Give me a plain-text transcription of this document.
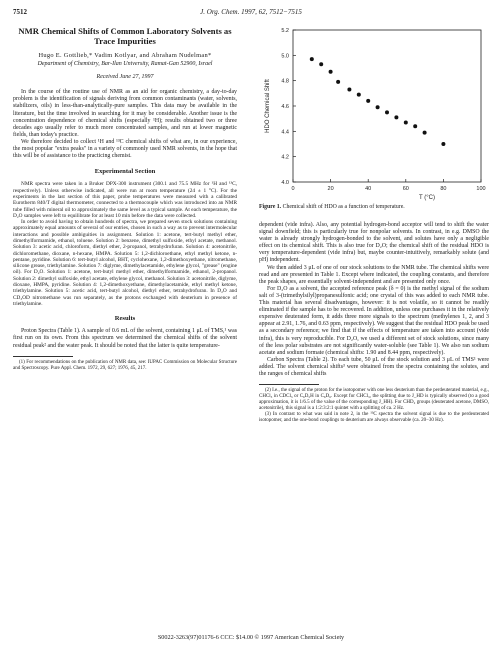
7512	J. Org. Chem. 1997, 62, 7512−7515
NMR Chemical Shifts of Common Laboratory Solvents as Trace Impurities
Hugo E. Gottlieb,* Vadim Kotlyar, and Abraham Nudelman*
Department of Chemistry, Bar-Ilan University, Ramat-Gan 52900, Israel
Received June 27, 1997

In the course of the routine use of NMR as an aid for organic chemistry, a day-to-day problem is the identification of signals deriving from common contaminants (water, solvents, stabilizers, oils) in less-than-analytically-pure samples. This data may be available in the literature, but the time involved in searching for it may be considerable. Another issue is the concentration dependence of chemical shifts (especially ¹H); results obtained two or three decades ago usually refer to much more concentrated samples, and run at lower magnetic fields, than today's practice.

We therefore decided to collect ¹H and ¹³C chemical shifts of what are, in our experience, the most popular "extra peaks" in a variety of commonly used NMR solvents, in the hope that this will be of assistance to the practicing chemist.

Experimental Section

NMR spectra were taken in a Bruker DPX-300 instrument (300.1 and 75.5 MHz for ¹H and ¹³C, respectively). Unless otherwise indicated, all were run at room temperature (24 ± 1 °C). For the experiments in the last section of this paper, probe temperatures were measured with a calibrated Eurotherm 840/T digital thermometer, connected to a thermocouple which was introduced into an NMR tube filled with mineral oil to approximately the same level as a typical sample. At each temperature, the D₂O samples were left to equilibrate for at least 10 min before the data were collected.

In order to avoid having to obtain hundreds of spectra, we prepared seven stock solutions containing approximately equal amounts of several of our entries, chosen in such a way as to prevent intermolecular interactions and possible ambiguities in assignment. Solution 1: acetone, tert-butyl methyl ether, dimethylformamide, ethanol, toluene. Solution 2: benzene, dimethyl sulfoxide, ethyl acetate, methanol. Solution 3: acetic acid, chloroform, diethyl ether, 2-propanol, tetrahydrofuran. Solution 4: acetonitrile, dichloromethane, dioxane, n-hexane, HMPA. Solution 5: 1,2-dichloroethane, ethyl methyl ketone, n-pentane, pyridine. Solution 6: tert-butyl alcohol, BHT, cyclohexane, 1,2-dimethoxyethane, nitromethane, silicone grease, triethylamine. Solution 7: diglyme, dimethylacetamide, ethylene glycol, "grease" (engine oil). For D₂O. Solution 1: acetone, tert-butyl methyl ether, dimethylformamide, ethanol, 2-propanol. Solution 2: dimethyl sulfoxide, ethyl acetate, ethylene glycol, methanol. Solution 3: acetonitrile, diglyme, dioxane, HMPA, pyridine. Solution 4: 1,2-dimethoxyethane, dimethylacetamide, ethyl methyl ketone, triethylamine. Solution 5: acetic acid, tert-butyl alcohol, diethyl ether, tetrahydrofuran. In D₂O and CD₃OD nitromethane was run separately, as the protons exchanged with deuterium in presence of triethylamine.

Results

Proton Spectra (Table 1). A sample of 0.6 mL of the solvent, containing 1 μL of TMS,¹ was first run on its own. From this spectrum we determined the chemical shifts of the solvent residual peak² and the water peak. It should be noted that the latter is quite temperature-

(1) For recommendations on the publication of NMR data, see: IUPAC Commission on Molecular Structure and Spectroscopy. Pure Appl. Chem. 1972, 29, 627; 1976, 45, 217.

4.0
4.2
4.4
4.6
4.8
5.0
5.2
0	20	40	60	80	100
T (°C)
HDO Chemical Shift
Figure 1. Chemical shift of HDO as a function of temperature.

dependent (vide infra). Also, any potential hydrogen-bond acceptor will tend to shift the water signal downfield; this is particularly true for nonpolar solvents. In contrast, in e.g. DMSO the water is already strongly hydrogen-bonded to the solvent, and solutes have only a negligible effect on its chemical shift. This is also true for D₂O; the chemical shift of the residual HDO is very temperature-dependent (vide infra) but, maybe counter-intuitively, remarkably solute (and pH) independent.

We then added 3 μL of one of our stock solutions to the NMR tube. The chemical shifts were read and are presented in Table 1. Except where indicated, the coupling constants, and therefore the peak shapes, are essentially solvent-independent and are presented only once.

For D₂O as a solvent, the accepted reference peak (δ = 0) is the methyl signal of the sodium salt of 3-(trimethylsilyl)propanesulfonic acid; one crystal of this was added to each NMR tube. This material has several disadvantages, however: it is not volatile, so it cannot be readily eliminated if the sample has to be recovered. In addition, unless one purchases it in the relatively expensive deuterated form, it adds three more signals to the spectrum (methylenes 1, 2, and 3 appear at 2.91, 1.76, and 0.63 ppm, respectively). We suggest that the residual HDO peak be used as a secondary reference; we find that if the effects of temperature are taken into account (vide infra), this is very reproducible. For D₂O, we used a different set of stock solutions, since many of the less polar substrates are not significantly water-soluble (see Table 1). We also ran sodium acetate and sodium formate (chemical shifts: 1.90 and 8.44 ppm, respectively).

Carbon Spectra (Table 2). To each tube, 50 μL of the stock solution and 3 μL of TMS¹ were added. The solvent chemical shifts³ were obtained from the spectra containing the solutes, and the ranges of chemical shifts

(2) I.e., the signal of the proton for the isotopomer with one less deuterium than the perdeuterated material, e.g., CHCl₃ in CDCl₃ or C₆D₅H in C₆D₆. Except for CHCl₃, the splitting due to J_HD is typically observed (to a good approximation, it is 1/6.5 of the value of the corresponding J_HH). For CHD₂ groups (deuterated acetone, DMSO, acetonitrile), this signal is a 1:2:3:2:1 quintet with a splitting of ca. 2 Hz.

(3) In contrast to what was said in note 2, in the ¹³C spectra the solvent signal is due to the perdeuterated isotopomer, and the one-bond couplings to deuterium are always observable (ca. 20−30 Hz).

S0022-3263(97)01176-6 CCC: $14.00 © 1997 American Chemical Society
